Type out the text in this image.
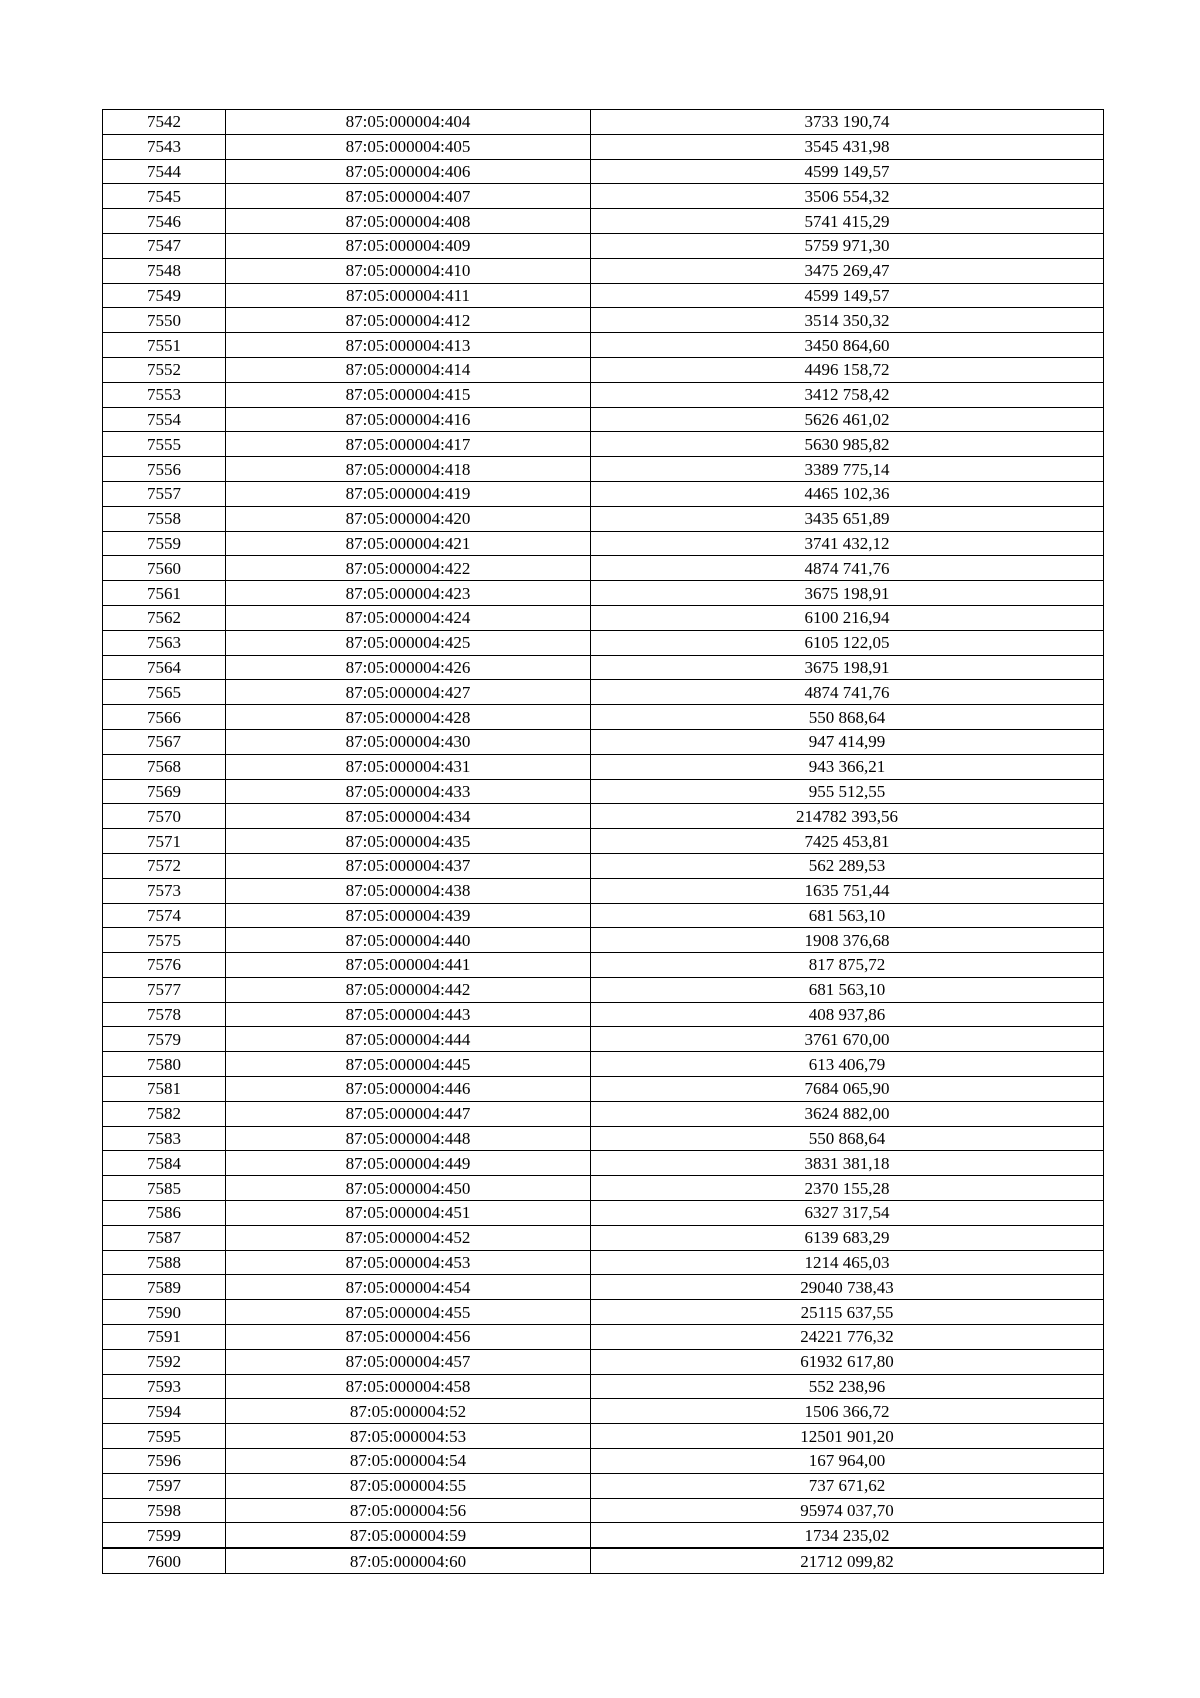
7542	87:05:000004:404	3733 190,74
7543	87:05:000004:405	3545 431,98
7544	87:05:000004:406	4599 149,57
7545	87:05:000004:407	3506 554,32
7546	87:05:000004:408	5741 415,29
7547	87:05:000004:409	5759 971,30
7548	87:05:000004:410	3475 269,47
7549	87:05:000004:411	4599 149,57
7550	87:05:000004:412	3514 350,32
7551	87:05:000004:413	3450 864,60
7552	87:05:000004:414	4496 158,72
7553	87:05:000004:415	3412 758,42
7554	87:05:000004:416	5626 461,02
7555	87:05:000004:417	5630 985,82
7556	87:05:000004:418	3389 775,14
7557	87:05:000004:419	4465 102,36
7558	87:05:000004:420	3435 651,89
7559	87:05:000004:421	3741 432,12
7560	87:05:000004:422	4874 741,76
7561	87:05:000004:423	3675 198,91
7562	87:05:000004:424	6100 216,94
7563	87:05:000004:425	6105 122,05
7564	87:05:000004:426	3675 198,91
7565	87:05:000004:427	4874 741,76
7566	87:05:000004:428	550 868,64
7567	87:05:000004:430	947 414,99
7568	87:05:000004:431	943 366,21
7569	87:05:000004:433	955 512,55
7570	87:05:000004:434	214782 393,56
7571	87:05:000004:435	7425 453,81
7572	87:05:000004:437	562 289,53
7573	87:05:000004:438	1635 751,44
7574	87:05:000004:439	681 563,10
7575	87:05:000004:440	1908 376,68
7576	87:05:000004:441	817 875,72
7577	87:05:000004:442	681 563,10
7578	87:05:000004:443	408 937,86
7579	87:05:000004:444	3761 670,00
7580	87:05:000004:445	613 406,79
7581	87:05:000004:446	7684 065,90
7582	87:05:000004:447	3624 882,00
7583	87:05:000004:448	550 868,64
7584	87:05:000004:449	3831 381,18
7585	87:05:000004:450	2370 155,28
7586	87:05:000004:451	6327 317,54
7587	87:05:000004:452	6139 683,29
7588	87:05:000004:453	1214 465,03
7589	87:05:000004:454	29040 738,43
7590	87:05:000004:455	25115 637,55
7591	87:05:000004:456	24221 776,32
7592	87:05:000004:457	61932 617,80
7593	87:05:000004:458	552 238,96
7594	87:05:000004:52	1506 366,72
7595	87:05:000004:53	12501 901,20
7596	87:05:000004:54	167 964,00
7597	87:05:000004:55	737 671,62
7598	87:05:000004:56	95974 037,70
7599	87:05:000004:59	1734 235,02
7600	87:05:000004:60	21712 099,82
